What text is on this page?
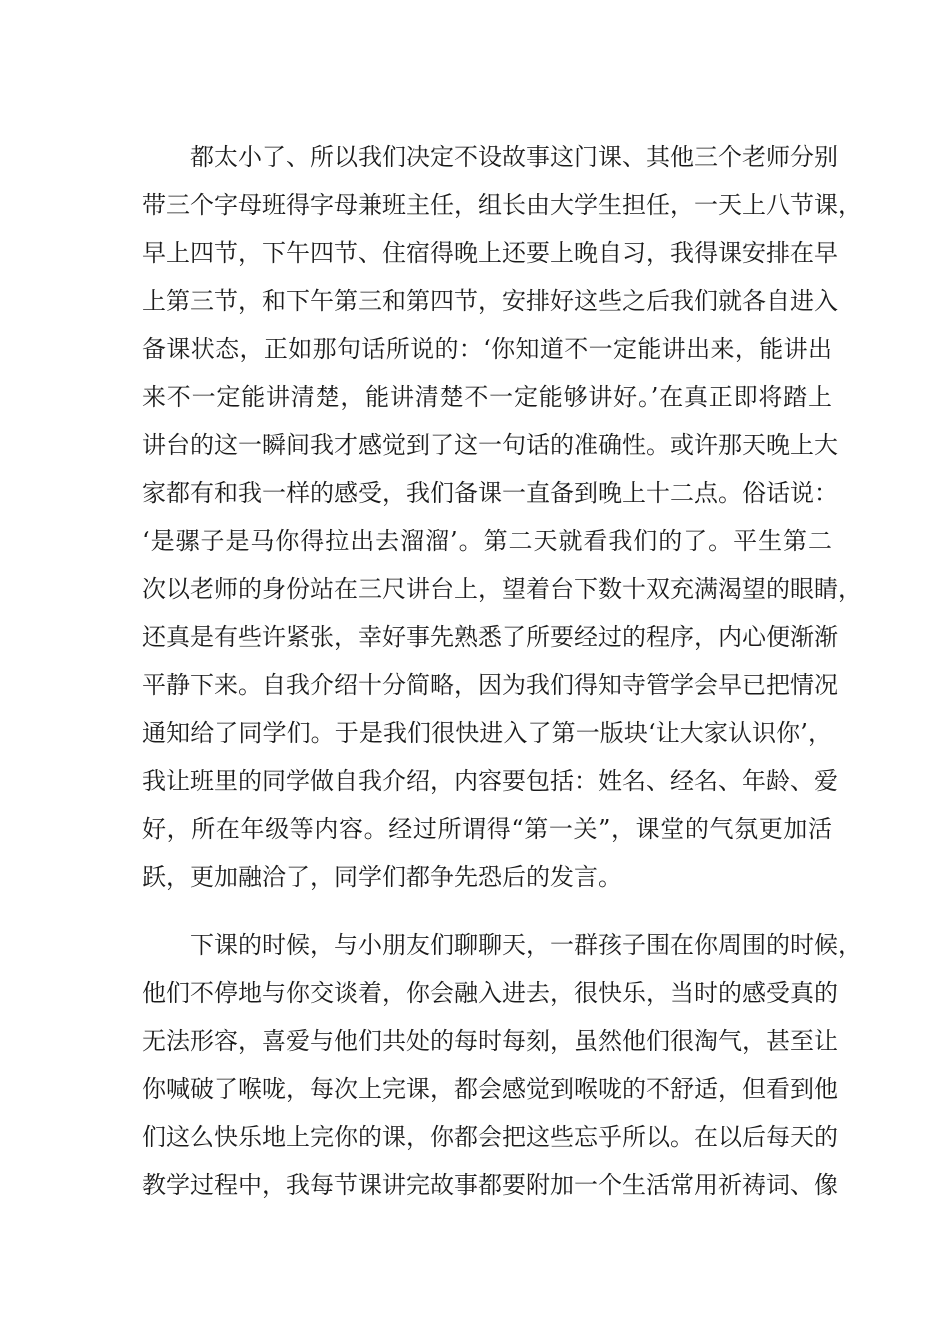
都太小了、所以我们决定不设故事这门课、其他三个老师分别
带三个字母班得字母兼班主任，组长由大学生担任，一天上八节课，
早上四节，下午四节、住宿得晚上还要上晚自习，我得课安排在早
上第三节，和下午第三和第四节，安排好这些之后我们就各自进入
备课状态，正如那句话所说的：‘你知道不一定能讲出来，能讲出
来不一定能讲清楚，能讲清楚不一定能够讲好。’在真正即将踏上
讲台的这一瞬间我才感觉到了这一句话的准确性。或许那天晚上大
家都有和我一样的感受，我们备课一直备到晚上十二点。俗话说：
‘是骡子是马你得拉出去溜溜’。第二天就看我们的了。平生第二
次以老师的身份站在三尺讲台上，望着台下数十双充满渴望的眼睛，
还真是有些许紧张，幸好事先熟悉了所要经过的程序，内心便渐渐
平静下来。自我介绍十分简略，因为我们得知寺管学会早已把情况
通知给了同学们。于是我们很快进入了第一版块‘让大家认识你’，
我让班里的同学做自我介绍，内容要包括：姓名、经名、年龄、爱
好，所在年级等内容。经过所谓得“第一关”，课堂的气氛更加活
跃，更加融洽了，同学们都争先恐后的发言。
下课的时候，与小朋友们聊聊天，一群孩子围在你周围的时候，
他们不停地与你交谈着，你会融入进去，很快乐，当时的感受真的
无法形容，喜爱与他们共处的每时每刻，虽然他们很淘气，甚至让
你喊破了喉咙，每次上完课，都会感觉到喉咙的不舒适，但看到他
们这么快乐地上完你的课，你都会把这些忘乎所以。在以后每天的
教学过程中，我每节课讲完故事都要附加一个生活常用祈祷词、像
